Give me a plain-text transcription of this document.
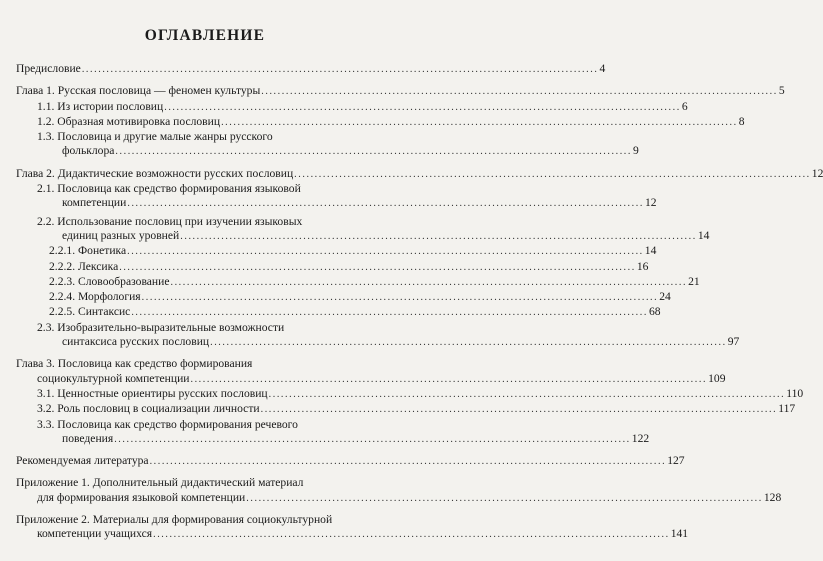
ОГЛАВЛЕНИЕ
Предисловие .............................................................................................................................. 4
Глава 1. Русская пословица — феномен культуры .............................................................................................................................. 5
1.1. Из истории пословиц .............................................................................................................................. 6
1.2. Образная мотивировка пословиц .............................................................................................................................. 8
1.3. Пословица и другие малые жанры русского
фольклора .............................................................................................................................. 9
Глава 2. Дидактические возможности русских пословиц .............................................................................................................................. 12
2.1. Пословица как средство формирования языковой
компетенции .............................................................................................................................. 12
2.2. Использование пословиц при изучении языковых
единиц разных уровней .............................................................................................................................. 14
2.2.1. Фонетика .............................................................................................................................. 14
2.2.2. Лексика .............................................................................................................................. 16
2.2.3. Словообразование .............................................................................................................................. 21
2.2.4. Морфология .............................................................................................................................. 24
2.2.5. Синтаксис .............................................................................................................................. 68
2.3. Изобразительно-выразительные возможности
синтаксиса русских пословиц .............................................................................................................................. 97
Глава 3. Пословица как средство формирования
социокультурной компетенции .............................................................................................................................. 109
3.1. Ценностные ориентиры русских пословиц .............................................................................................................................. 110
3.2. Роль пословиц в социализации личности .............................................................................................................................. 117
3.3. Пословица как средство формирования речевого
поведения .............................................................................................................................. 122
Рекомендуемая литература .............................................................................................................................. 127
Приложение 1. Дополнительный дидактический материал
для формирования языковой компетенции .............................................................................................................................. 128
Приложение 2. Материалы для формирования социокультурной
компетенции учащихся .............................................................................................................................. 141
